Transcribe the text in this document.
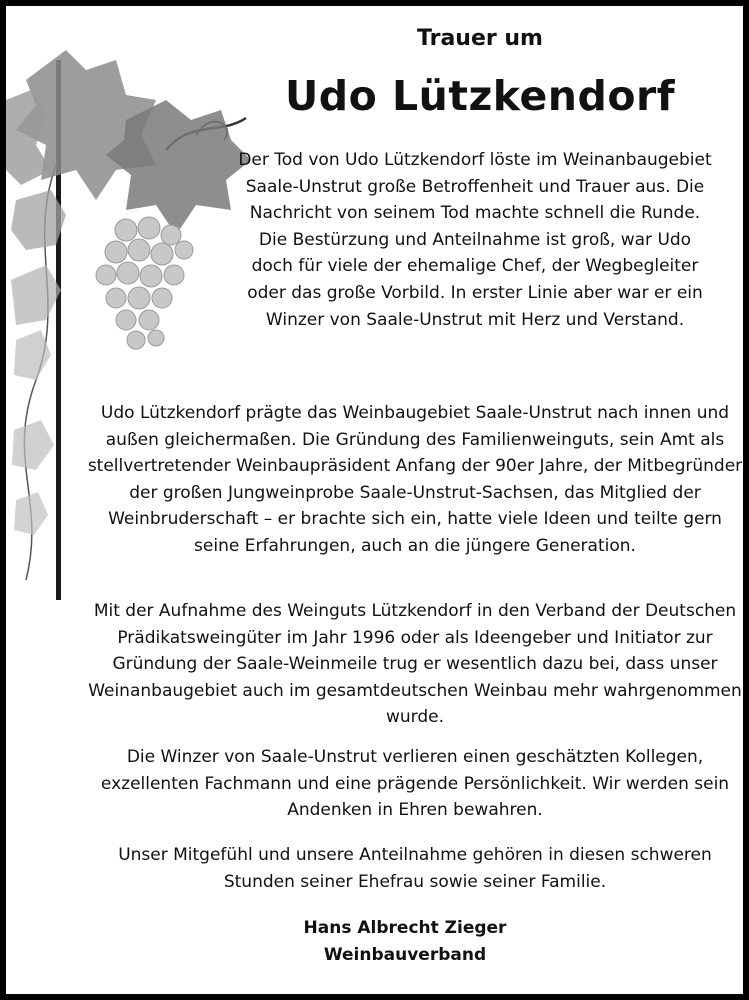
Trauer um
Udo Lützkendorf

Der Tod von Udo Lützkendorf löste im Weinanbaugebiet Saale-Unstrut große Betroffenheit und Trauer aus. Die Nachricht von seinem Tod machte schnell die Runde. Die Bestürzung und Anteilnahme ist groß, war Udo doch für viele der ehemalige Chef, der Wegbegleiter oder das große Vorbild. In erster Linie aber war er ein Winzer von Saale-Unstrut mit Herz und Verstand.

Udo Lützkendorf prägte das Weinbaugebiet Saale-Unstrut nach innen und außen gleichermaßen. Die Gründung des Familienweinguts, sein Amt als stellvertretender Weinbaupräsident Anfang der 90er Jahre, der Mitbegründer der großen Jungweinprobe Saale-Unstrut-Sachsen, das Mitglied der Weinbruderschaft – er brachte sich ein, hatte viele Ideen und teilte gern seine Erfahrungen, auch an die jüngere Generation.

Mit der Aufnahme des Weinguts Lützkendorf in den Verband der Deutschen Prädikatsweingüter im Jahr 1996 oder als Ideengeber und Initiator zur Gründung der Saale-Weinmeile trug er wesentlich dazu bei, dass unser Weinanbaugebiet auch im gesamtdeutschen Weinbau mehr wahrgenommen wurde.

Die Winzer von Saale-Unstrut verlieren einen geschätzten Kollegen, exzellenten Fachmann und eine prägende Persönlichkeit. Wir werden sein Andenken in Ehren bewahren.

Unser Mitgefühl und unsere Anteilnahme gehören in diesen schweren Stunden seiner Ehefrau sowie seiner Familie.

Hans Albrecht Zieger
Weinbauverband
